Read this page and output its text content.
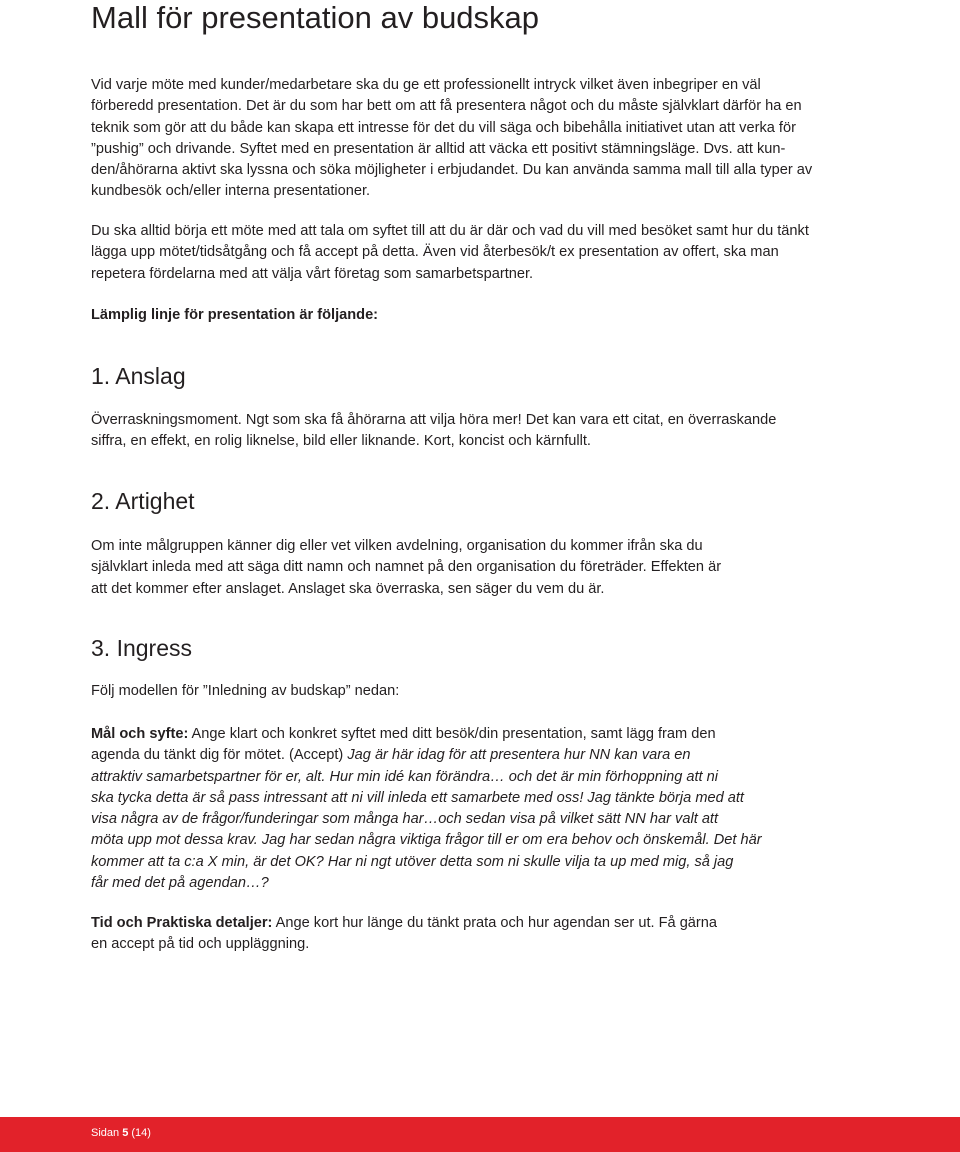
Mall för presentation av budskap
Vid varje möte med kunder/medarbetare ska du ge ett professionellt intryck vilket även inbegriper en väl
förberedd presentation. Det är du som har bett om att få presentera något och du måste självklart därför ha en
teknik som gör att du både kan skapa ett intresse för det du vill säga och bibehålla initiativet utan att verka för
”pushig” och drivande. Syftet med en presentation är alltid att väcka ett positivt stämningsläge. Dvs. att kun-
den/åhörarna aktivt ska lyssna och söka möjligheter i erbjudandet. Du kan använda samma mall till alla typer av
kundbesök och/eller interna presentationer.
Du ska alltid börja ett möte med att tala om syftet till att du är där och vad du vill med besöket samt hur du tänkt
lägga upp mötet/tidsåtgång och få accept på detta. Även vid återbesök/t ex presentation av offert, ska man
repetera fördelarna med att välja vårt företag som samarbetspartner.

Lämplig linje för presentation är följande:

1. Anslag
Överraskningsmoment. Ngt som ska få åhörarna att vilja höra mer! Det kan vara ett citat, en överraskande
siffra, en effekt, en rolig liknelse, bild eller liknande. Kort, koncist och kärnfullt.
2. Artighet
Om inte målgruppen känner dig eller vet vilken avdelning, organisation du kommer ifrån ska du
självklart inleda med att säga ditt namn och namnet på den organisation du företräder. Effekten är
att det kommer efter anslaget. Anslaget ska överraska, sen säger du vem du är.
3. Ingress
Följ modellen för ”Inledning av budskap” nedan:
Mål och syfte: Ange klart och konkret syftet med ditt besök/din presentation, samt lägg fram den
agenda du tänkt dig för mötet. (Accept) Jag är här idag för att presentera hur NN kan vara en
attraktiv samarbetspartner för er, alt. Hur min idé kan förändra… och det är min förhoppning att ni
ska tycka detta är så pass intressant att ni vill inleda ett samarbete med oss! Jag tänkte börja med att
visa några av de frågor/funderingar som många har…och sedan visa på vilket sätt NN har valt att
möta upp mot dessa krav. Jag har sedan några viktiga frågor till er om era behov och önskemål. Det här
kommer att ta c:a X min, är det OK? Har ni ngt utöver detta som ni skulle vilja ta up med mig, så jag
får med det på agendan…?
Tid och Praktiska detaljer: Ange kort hur länge du tänkt prata och hur agendan ser ut. Få gärna
en accept på tid och uppläggning.
Sidan 5 (14)
